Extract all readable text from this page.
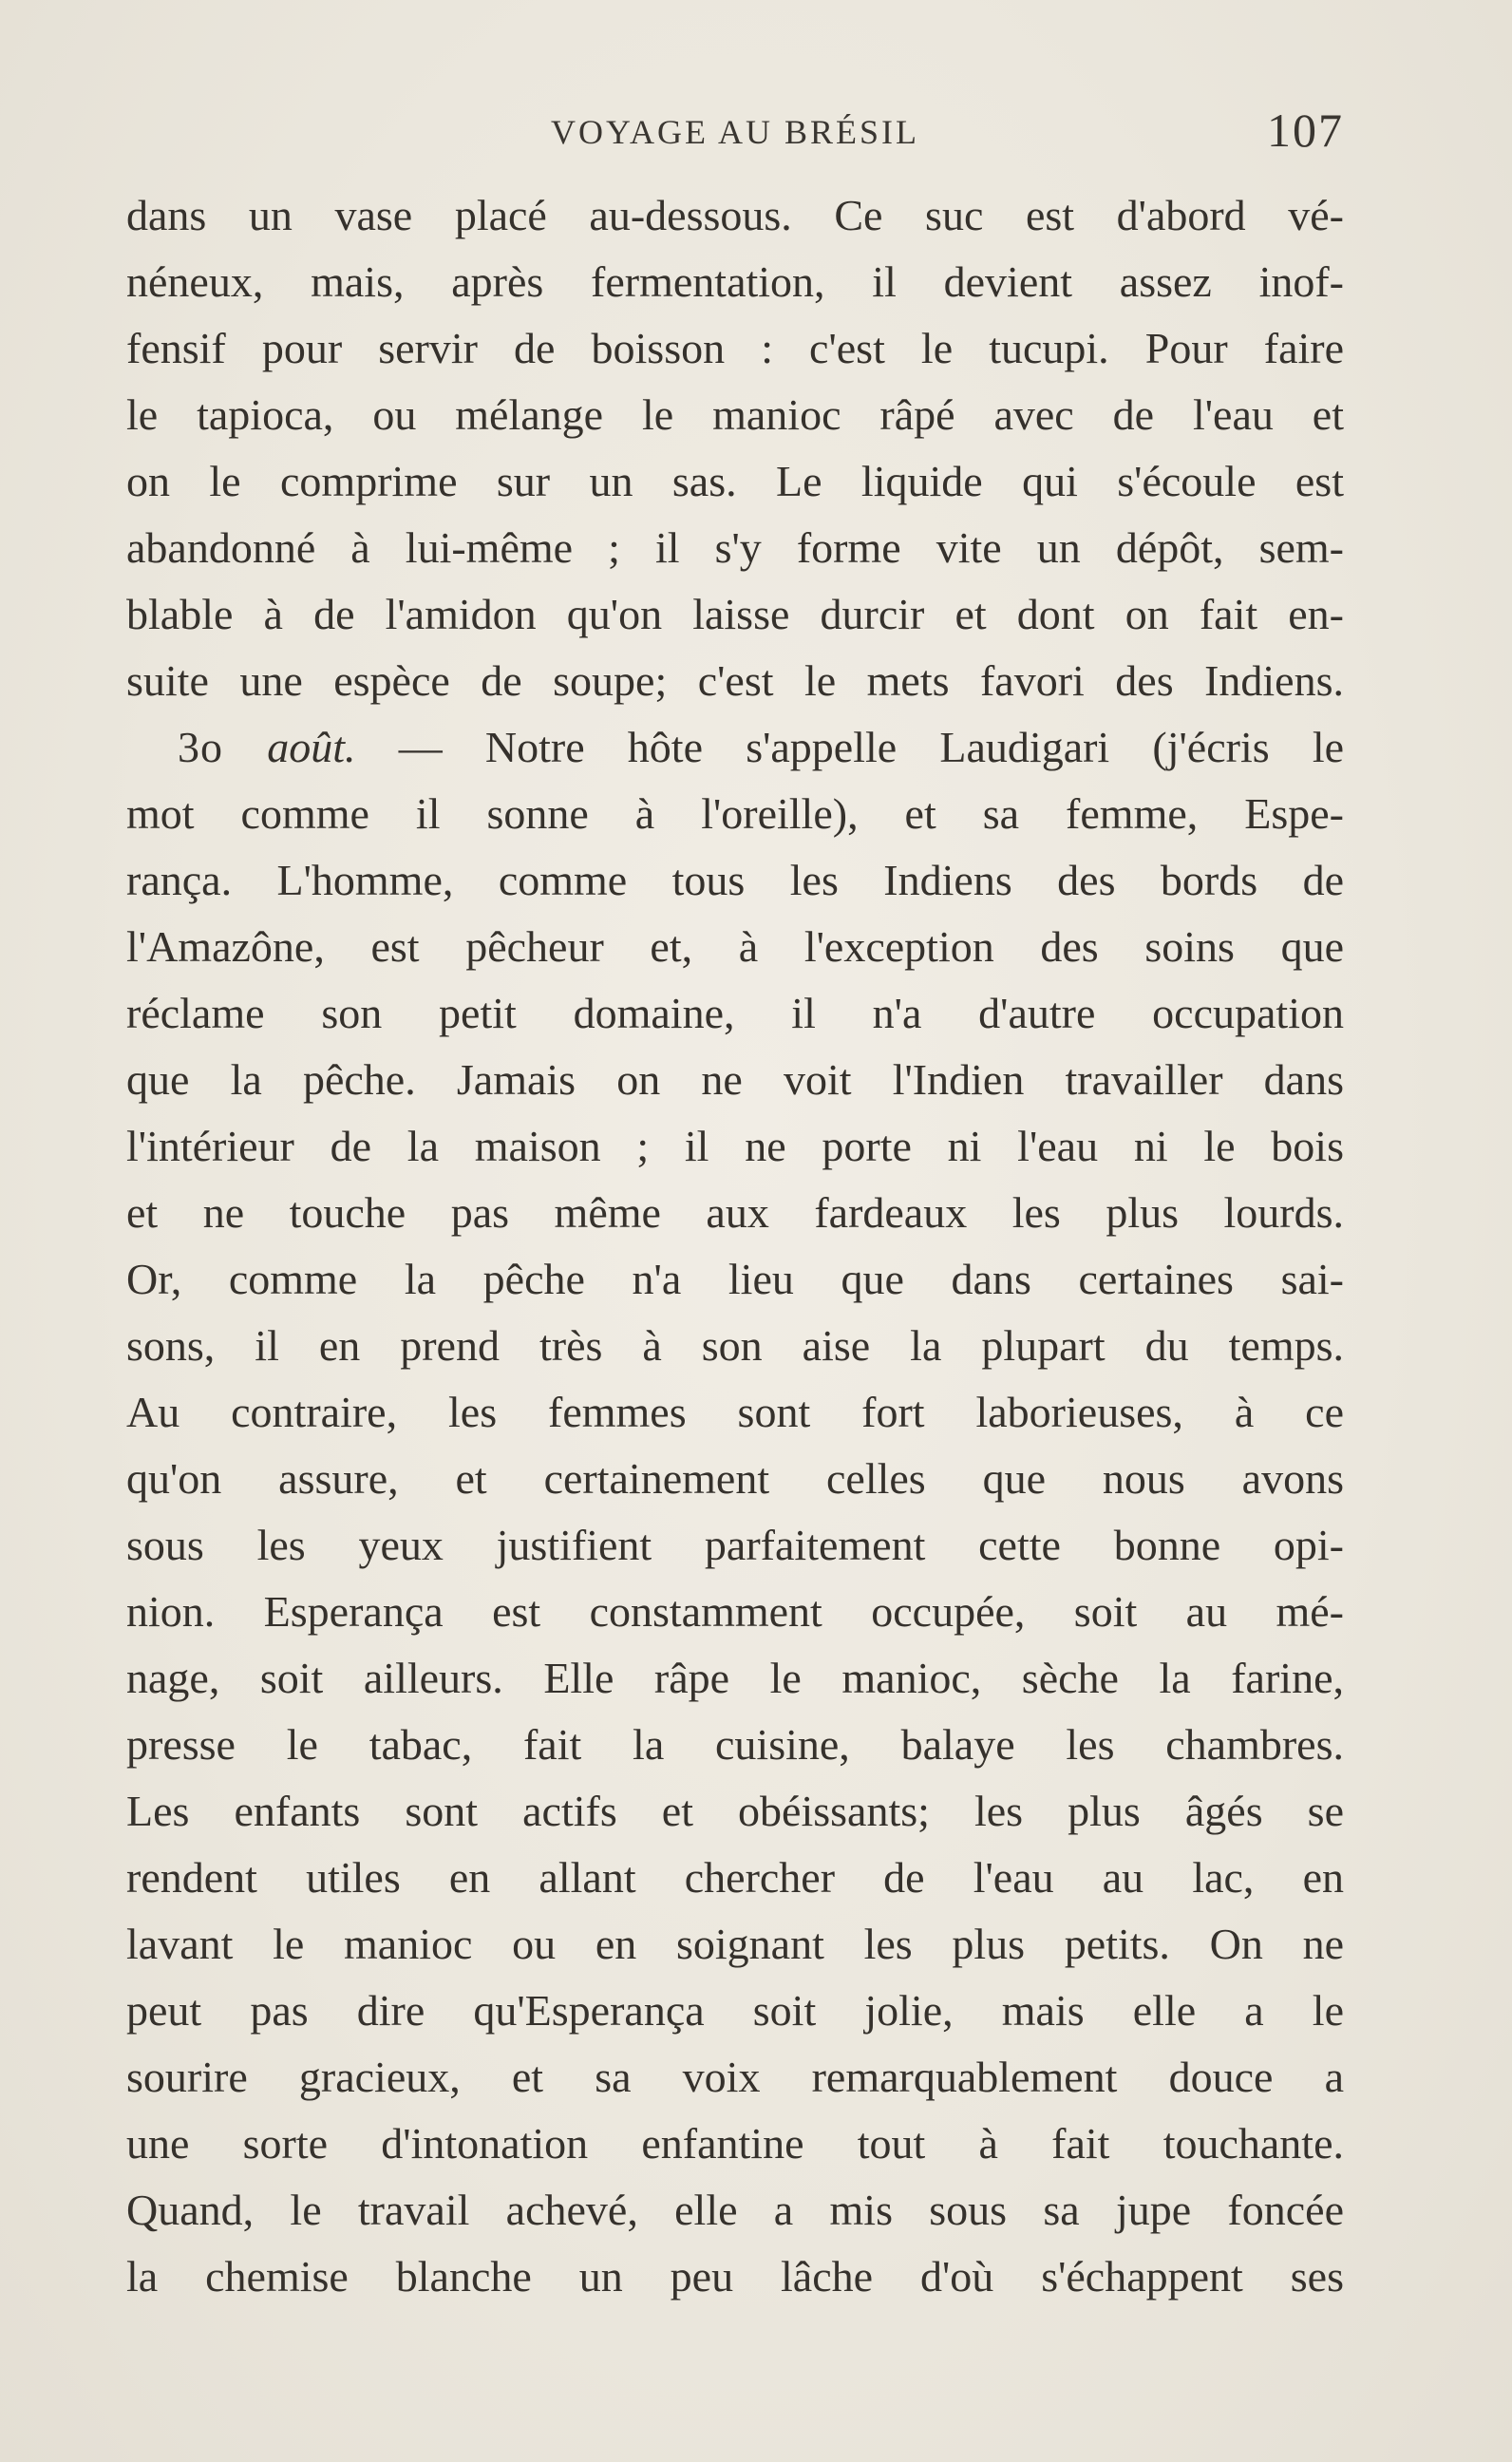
VOYAGE AU BRÉSIL	107
dans un vase placé au-dessous. Ce suc est d'abord vé-
néneux, mais, après fermentation, il devient assez inof-
fensif pour servir de boisson : c'est le tucupi. Pour faire
le tapioca, ou mélange le manioc râpé avec de l'eau et
on le comprime sur un sas. Le liquide qui s'écoule est
abandonné à lui-même ; il s'y forme vite un dépôt, sem-
blable à de l'amidon qu'on laisse durcir et dont on fait en-
suite une espèce de soupe; c'est le mets favori des Indiens.
3o août. — Notre hôte s'appelle Laudigari (j'écris le
mot comme il sonne à l'oreille), et sa femme, Espe-
rança. L'homme, comme tous les Indiens des bords de
l'Amazône, est pêcheur et, à l'exception des soins que
réclame son petit domaine, il n'a d'autre occupation
que la pêche. Jamais on ne voit l'Indien travailler dans
l'intérieur de la maison ; il ne porte ni l'eau ni le bois
et ne touche pas même aux fardeaux les plus lourds.
Or, comme la pêche n'a lieu que dans certaines sai-
sons, il en prend très à son aise la plupart du temps.
Au contraire, les femmes sont fort laborieuses, à ce
qu'on assure, et certainement celles que nous avons
sous les yeux justifient parfaitement cette bonne opi-
nion. Esperança est constamment occupée, soit au mé-
nage, soit ailleurs. Elle râpe le manioc, sèche la farine,
presse le tabac, fait la cuisine, balaye les chambres.
Les enfants sont actifs et obéissants; les plus âgés se
rendent utiles en allant chercher de l'eau au lac, en
lavant le manioc ou en soignant les plus petits. On ne
peut pas dire qu'Esperança soit jolie, mais elle a le
sourire gracieux, et sa voix remarquablement douce a
une sorte d'intonation enfantine tout à fait touchante.
Quand, le travail achevé, elle a mis sous sa jupe foncée
la chemise blanche un peu lâche d'où s'échappent ses
